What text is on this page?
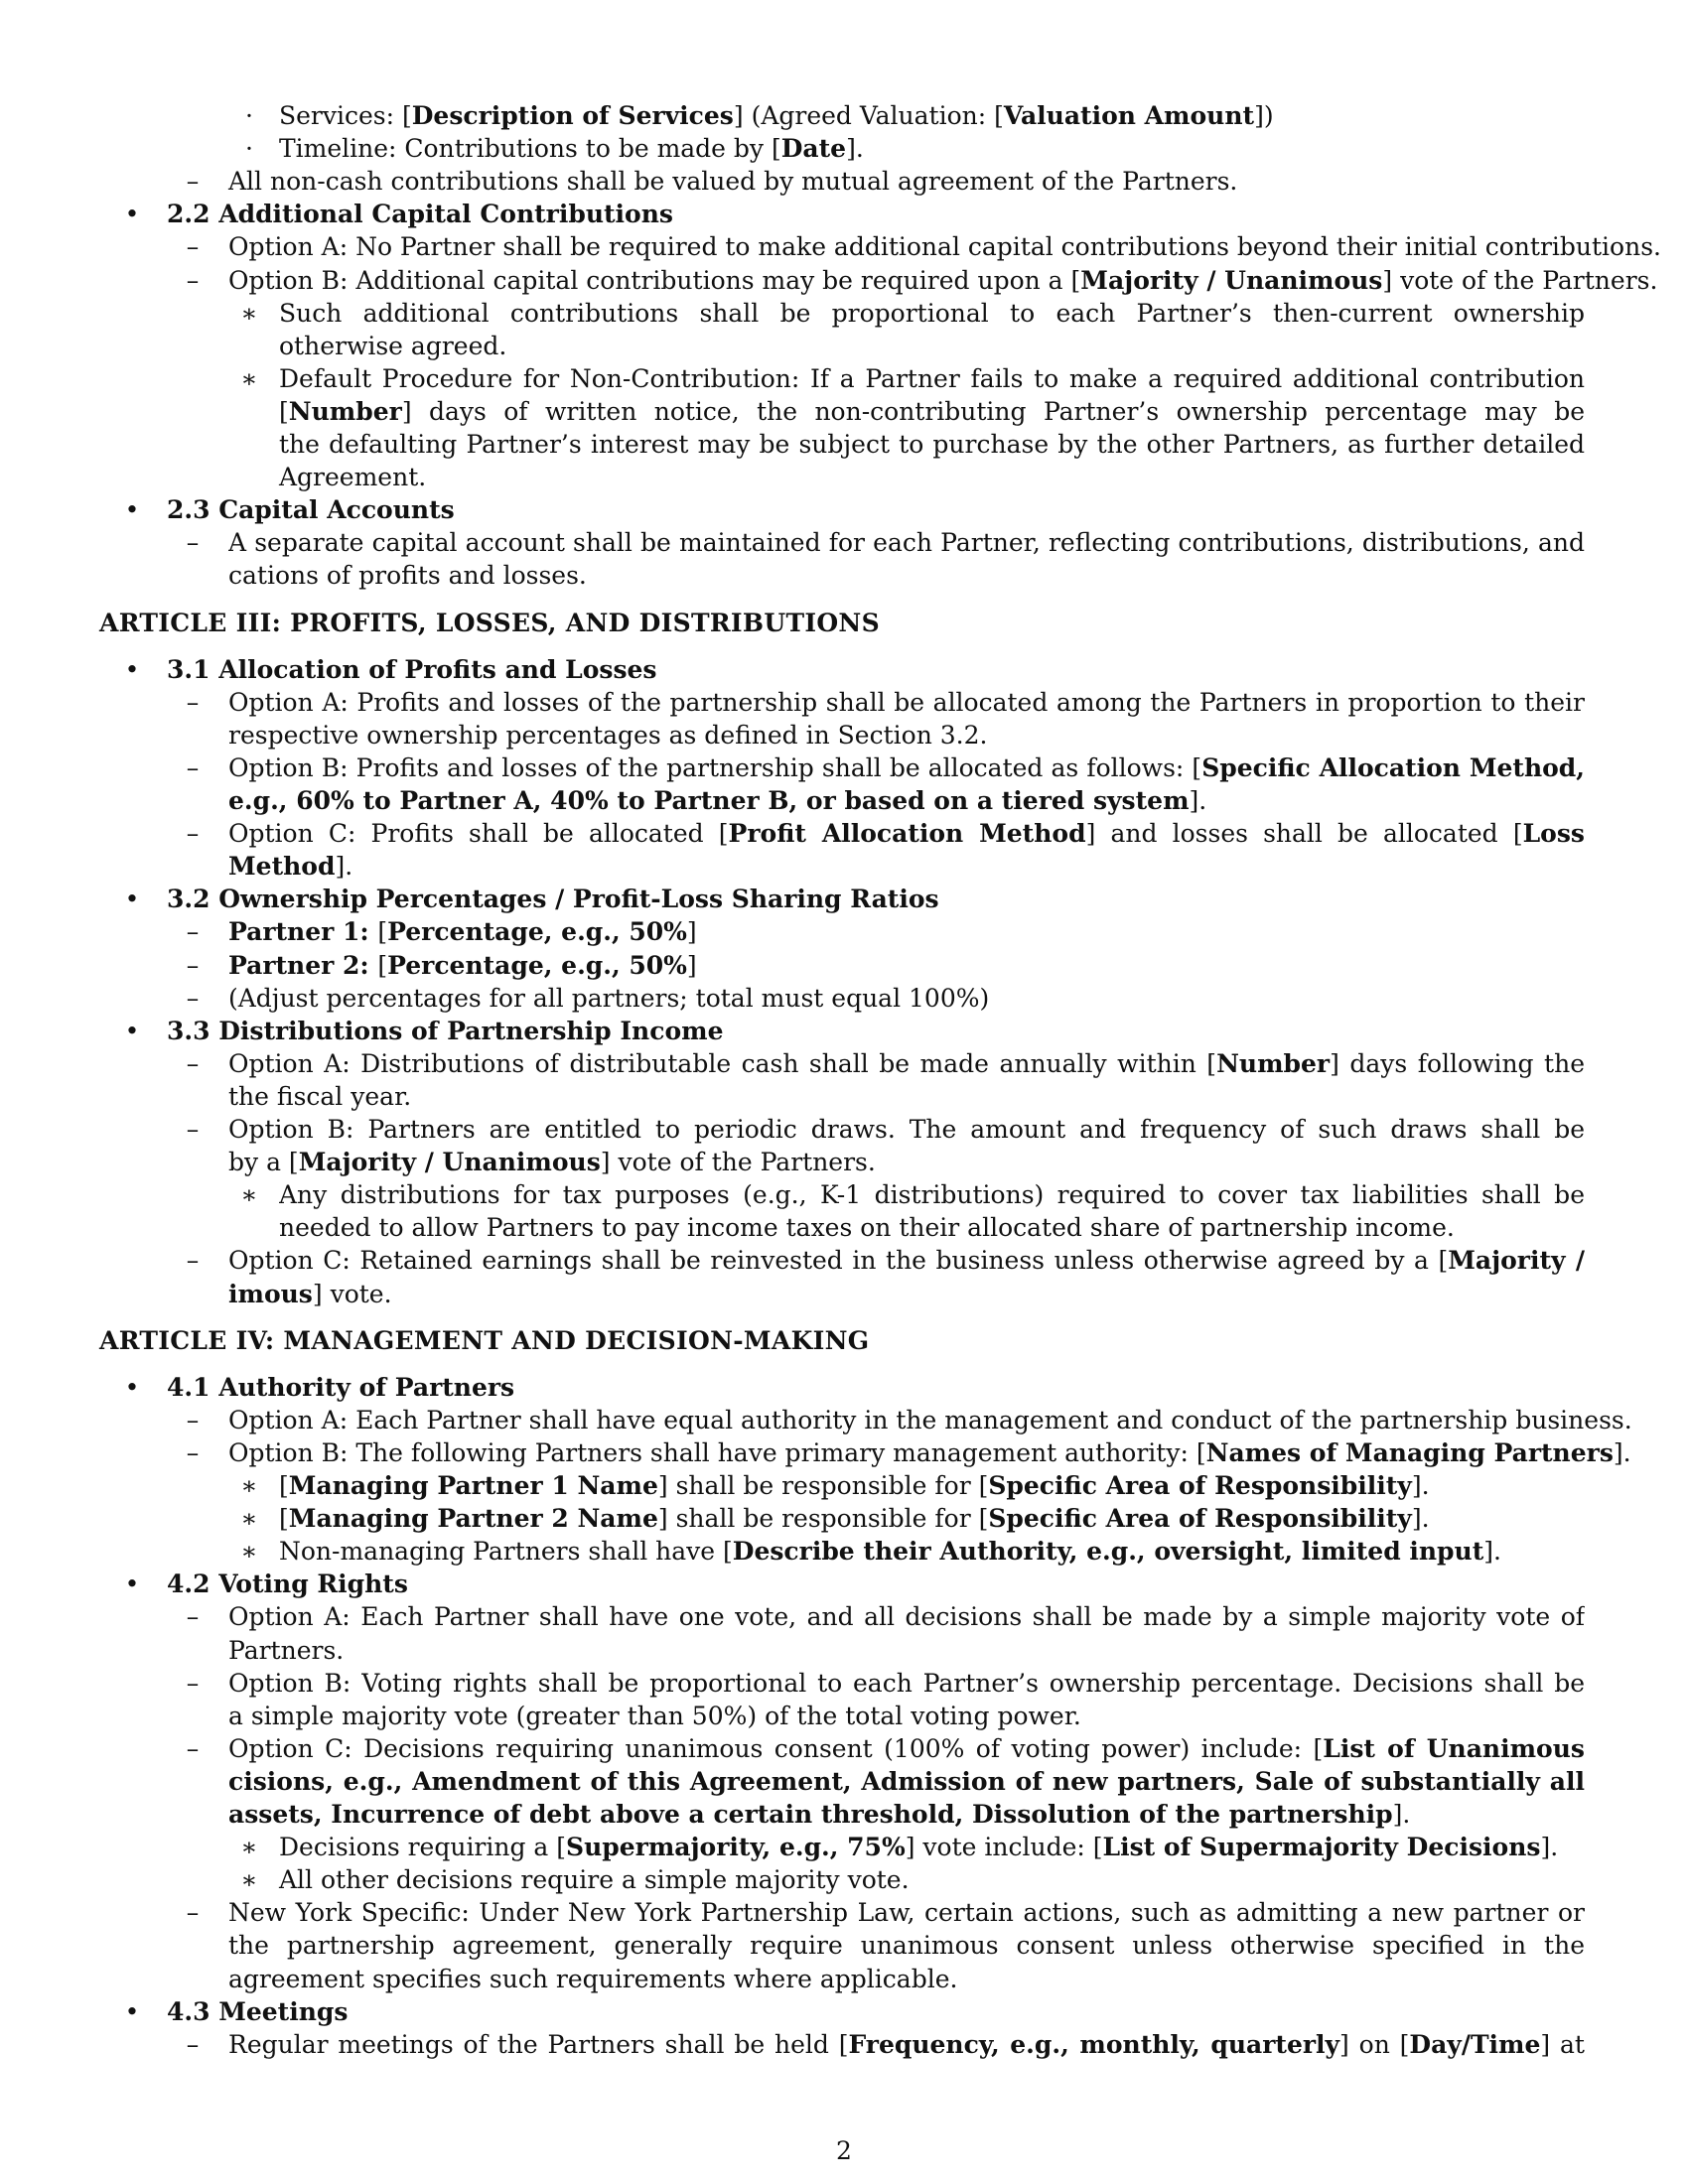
·	Services: [Description of Services] (Agreed Valuation: [Valuation Amount])
·	Timeline: Contributions to be made by [Date].
–	All non-cash contributions shall be valued by mutual agreement of the Partners.
• 2.2 Additional Capital Contributions
–	Option A: No Partner shall be required to make additional capital contributions beyond their initial contributions.
–	Option B: Additional capital contributions may be required upon a [Majority / Unanimous] vote of the Partners.
∗ Such additional contributions shall be proportional to each Partner’s then-current ownership
otherwise agreed.
∗ Default Procedure for Non-Contribution: If a Partner fails to make a required additional contribution
[Number] days of written notice, the non-contributing Partner’s ownership percentage may be
the defaulting Partner’s interest may be subject to purchase by the other Partners, as further detailed
Agreement.
• 2.3 Capital Accounts
–	A separate capital account shall be maintained for each Partner, reflecting contributions, distributions, and
cations of profits and losses.
ARTICLE III: PROFITS, LOSSES, AND DISTRIBUTIONS
• 3.1 Allocation of Profits and Losses
–	Option A: Profits and losses of the partnership shall be allocated among the Partners in proportion to their
respective ownership percentages as defined in Section 3.2.
–	Option B: Profits and losses of the partnership shall be allocated as follows: [Specific Allocation Method,
e.g., 60% to Partner A, 40% to Partner B, or based on a tiered system].
–	Option C: Profits shall be allocated [Profit Allocation Method] and losses shall be allocated [Loss
Method].
• 3.2 Ownership Percentages / Profit-Loss Sharing Ratios
–	Partner 1: [Percentage, e.g., 50%]
–	Partner 2: [Percentage, e.g., 50%]
–	(Adjust percentages for all partners; total must equal 100%)
• 3.3 Distributions of Partnership Income
–	Option A: Distributions of distributable cash shall be made annually within [Number] days following the
the fiscal year.
–	Option B: Partners are entitled to periodic draws. The amount and frequency of such draws shall be
by a [Majority / Unanimous] vote of the Partners.
∗ Any distributions for tax purposes (e.g., K-1 distributions) required to cover tax liabilities shall be
needed to allow Partners to pay income taxes on their allocated share of partnership income.
–	Option C: Retained earnings shall be reinvested in the business unless otherwise agreed by a [Majority /
imous] vote.
ARTICLE IV: MANAGEMENT AND DECISION-MAKING
• 4.1 Authority of Partners
–	Option A: Each Partner shall have equal authority in the management and conduct of the partnership business.
–	Option B: The following Partners shall have primary management authority: [Names of Managing Partners].
∗ [Managing Partner 1 Name] shall be responsible for [Specific Area of Responsibility].
∗ [Managing Partner 2 Name] shall be responsible for [Specific Area of Responsibility].
∗ Non-managing Partners shall have [Describe their Authority, e.g., oversight, limited input].
• 4.2 Voting Rights
–	Option A: Each Partner shall have one vote, and all decisions shall be made by a simple majority vote of
Partners.
–	Option B: Voting rights shall be proportional to each Partner’s ownership percentage. Decisions shall be
a simple majority vote (greater than 50%) of the total voting power.
–	Option C: Decisions requiring unanimous consent (100% of voting power) include: [List of Unanimous
cisions, e.g., Amendment of this Agreement, Admission of new partners, Sale of substantially all
assets, Incurrence of debt above a certain threshold, Dissolution of the partnership].
∗ Decisions requiring a [Supermajority, e.g., 75%] vote include: [List of Supermajority Decisions].
∗ All other decisions require a simple majority vote.
–	New York Specific: Under New York Partnership Law, certain actions, such as admitting a new partner or
the partnership agreement, generally require unanimous consent unless otherwise specified in the
agreement specifies such requirements where applicable.
• 4.3 Meetings
–	Regular meetings of the Partners shall be held [Frequency, e.g., monthly, quarterly] on [Day/Time] at
2
